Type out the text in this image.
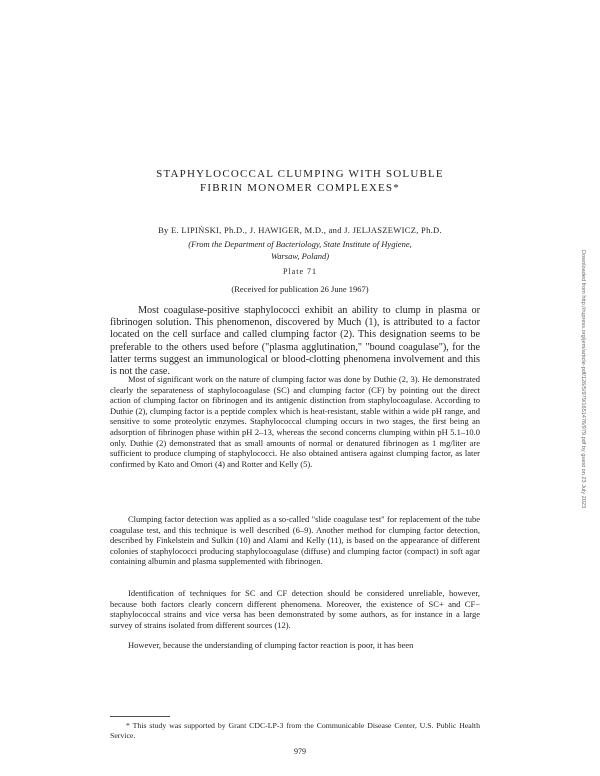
STAPHYLOCOCCAL CLUMPING WITH SOLUBLE
FIBRIN MONOMER COMPLEXES*
By E. LIPIŃSKI, Ph.D., J. HAWIGER, M.D., and J. JELJASZEWICZ, Ph.D.
(From the Department of Bacteriology, State Institute of Hygiene,
Warsaw, Poland)
Plate 71
(Received for publication 26 June 1967)

Most coagulase-positive staphylococci exhibit an ability to clump in plasma or fibrinogen solution. This phenomenon, discovered by Much (1), is attributed to a factor located on the cell surface and called clumping factor (2). This designation seems to be preferable to the others used before ("plasma agglutination," "bound coagulase"), for the latter terms suggest an immunological or blood-clotting phenomena involvement and this is not the case.

Most of significant work on the nature of clumping factor was done by Duthie (2, 3). He demonstrated clearly the separateness of staphylocoagulase (SC) and clumping factor (CF) by pointing out the direct action of clumping factor on fibrinogen and its antigenic distinction from staphylocoagulase. According to Duthie (2), clumping factor is a peptide complex which is heat-resistant, stable within a wide pH range, and sensitive to some proteolytic enzymes. Staphylococcal clumping occurs in two stages, the first being an adsorption of fibrinogen phase within pH 2–13, whereas the second concerns clumping within pH 5.1–10.0 only. Duthie (2) demonstrated that as small amounts of normal or denatured fibrinogen as 1 mg/liter are sufficient to produce clumping of staphylococci. He also obtained antisera against clumping factor, as later confirmed by Kato and Omori (4) and Rotter and Kelly (5).

Clumping factor detection was applied as a so-called "slide coagulase test" for replacement of the tube coagulase test, and this technique is well described (6–9). Another method for clumping factor detection, described by Finkelstein and Sulkin (10) and Alami and Kelly (11), is based on the appearance of different colonies of staphylococci producing staphylocoagulase (diffuse) and clumping factor (compact) in soft agar containing albumin and plasma supplemented with fibrinogen.

Identification of techniques for SC and CF detection should be considered unreliable, however, because both factors clearly concern different phenomena. Moreover, the existence of SC+ and CF− staphylococcal strains and vice versa has been demonstrated by some authors, as for instance in a large survey of strains isolated from different sources (12).

However, because the understanding of clumping factor reaction is poor, it has been

* This study was supported by Grant CDC-LP-3 from the Communicable Disease Center, U.S. Public Health Service.

979
Downloaded from http://rupress.org/jem/article-pdf/126/5/979/1651476/979.pdf by guest on 23 July 2023
